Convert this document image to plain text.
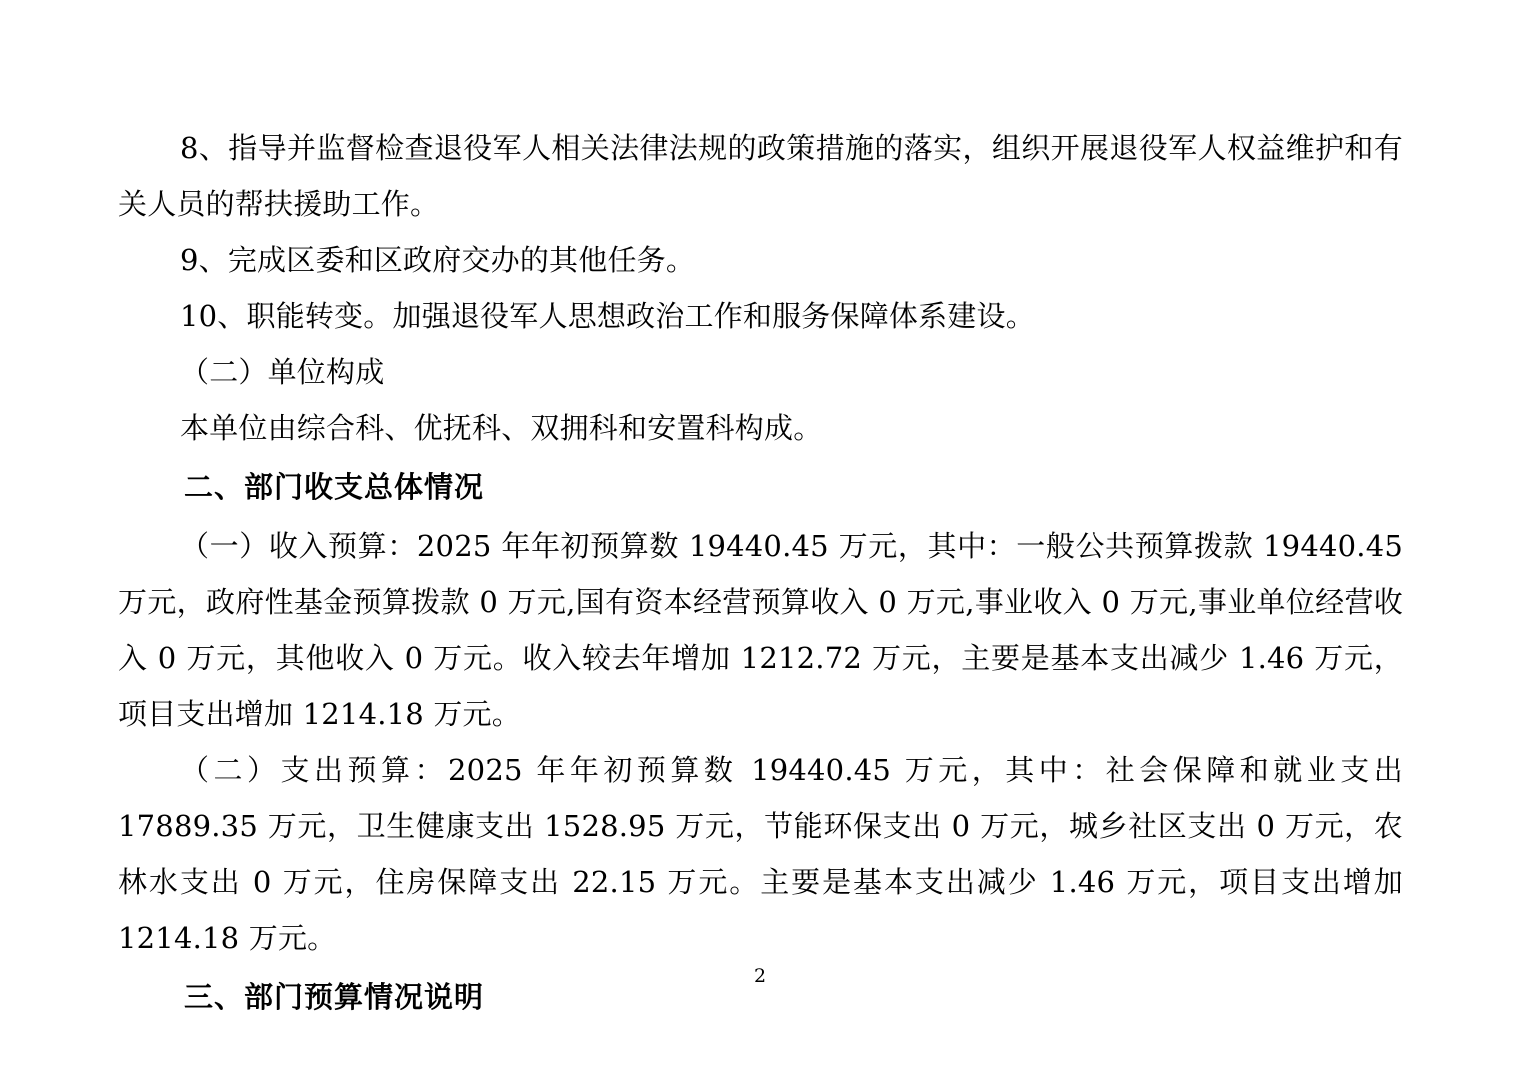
8、指导并监督检查退役军人相关法律法规的政策措施的落实，组织开展退役军人权益维护和有关人员的帮扶援助工作。

9、完成区委和区政府交办的其他任务。

10、职能转变。加强退役军人思想政治工作和服务保障体系建设。

（二）单位构成

本单位由综合科、优抚科、双拥科和安置科构成。

二、部门收支总体情况

（一）收入预算：2025 年年初预算数 19440.45 万元，其中：一般公共预算拨款 19440.45 万元，政府性基金预算拨款 0 万元,国有资本经营预算收入 0 万元,事业收入 0 万元,事业单位经营收入 0 万元，其他收入 0 万元。收入较去年增加 1212.72 万元，主要是基本支出减少 1.46 万元，项目支出增加 1214.18 万元。

（二）支出预算：2025 年年初预算数 19440.45 万元，其中：社会保障和就业支出 17889.35 万元，卫生健康支出 1528.95 万元，节能环保支出 0 万元，城乡社区支出 0 万元，农林水支出 0 万元，住房保障支出 22.15 万元。主要是基本支出减少 1.46 万元，项目支出增加 1214.18 万元。

三、部门预算情况说明
2
